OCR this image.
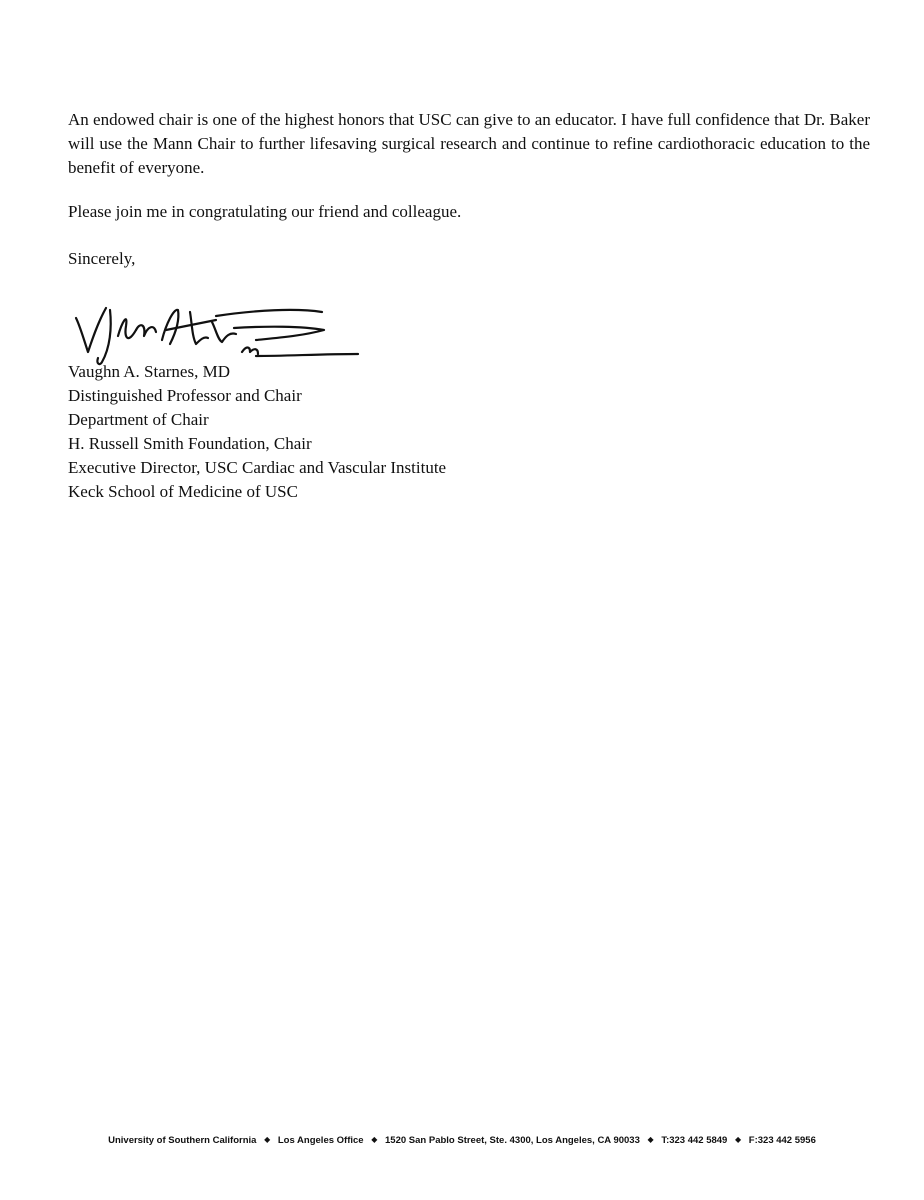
An endowed chair is one of the highest honors that USC can give to an educator. I have full confidence that Dr. Baker will use the Mann Chair to further lifesaving surgical research and continue to refine cardiothoracic education to the benefit of everyone.

Please join me in congratulating our friend and colleague.

Sincerely,

Vaughn A. Starnes, MD
Distinguished Professor and Chair
Department of Chair
H. Russell Smith Foundation, Chair
Executive Director, USC Cardiac and Vascular Institute
Keck School of Medicine of USC
University of Southern California ◆ Los Angeles Office ◆ 1520 San Pablo Street, Ste. 4300, Los Angeles, CA 90033 ◆ T:323 442 5849 ◆ F:323 442 5956
